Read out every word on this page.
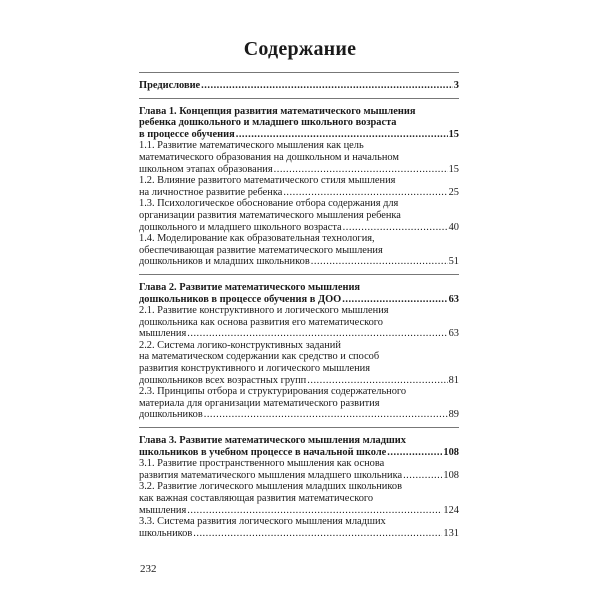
Содержание
Предисловие .....	3
Глава 1. Концепция развития математического мышления
ребенка дошкольного и младшего школьного возраста
в процессе обучения .....	15
1.1. Развитие математического мышления как цель
математического образования на дошкольном и начальном
школьном этапах образования .....	15
1.2. Влияние развитого математического стиля мышления
на личностное развитие ребенка .....	25
1.3. Психологическое обоснование отбора содержания для
организации развития математического мышления ребенка
дошкольного и младшего школьного возраста .....	40
1.4. Моделирование как образовательная технология,
обеспечивающая развитие математического мышления
дошкольников и младших школьников .....	51
Глава 2. Развитие математического мышления
дошкольников в процессе обучения в ДОО .....	63
2.1. Развитие конструктивного и логического мышления
дошкольника как основа развития его математического
мышления .....	63
2.2. Система логико-конструктивных заданий
на математическом содержании как средство и способ
развития конструктивного и логического мышления
дошкольников всех возрастных групп .....	81
2.3. Принципы отбора и структурирования содержательного
материала для организации математического развития
дошкольников .....	89
Глава 3. Развитие математического мышления младших
школьников в учебном процессе в начальной школе .....	108
3.1. Развитие пространственного мышления как основа
развития математического мышления младшего школьника .....	108
3.2. Развитие логического мышления младших школьников
как важная составляющая развития математического
мышления .....	124
3.3. Система развития логического мышления младших
школьников .....	131
232
